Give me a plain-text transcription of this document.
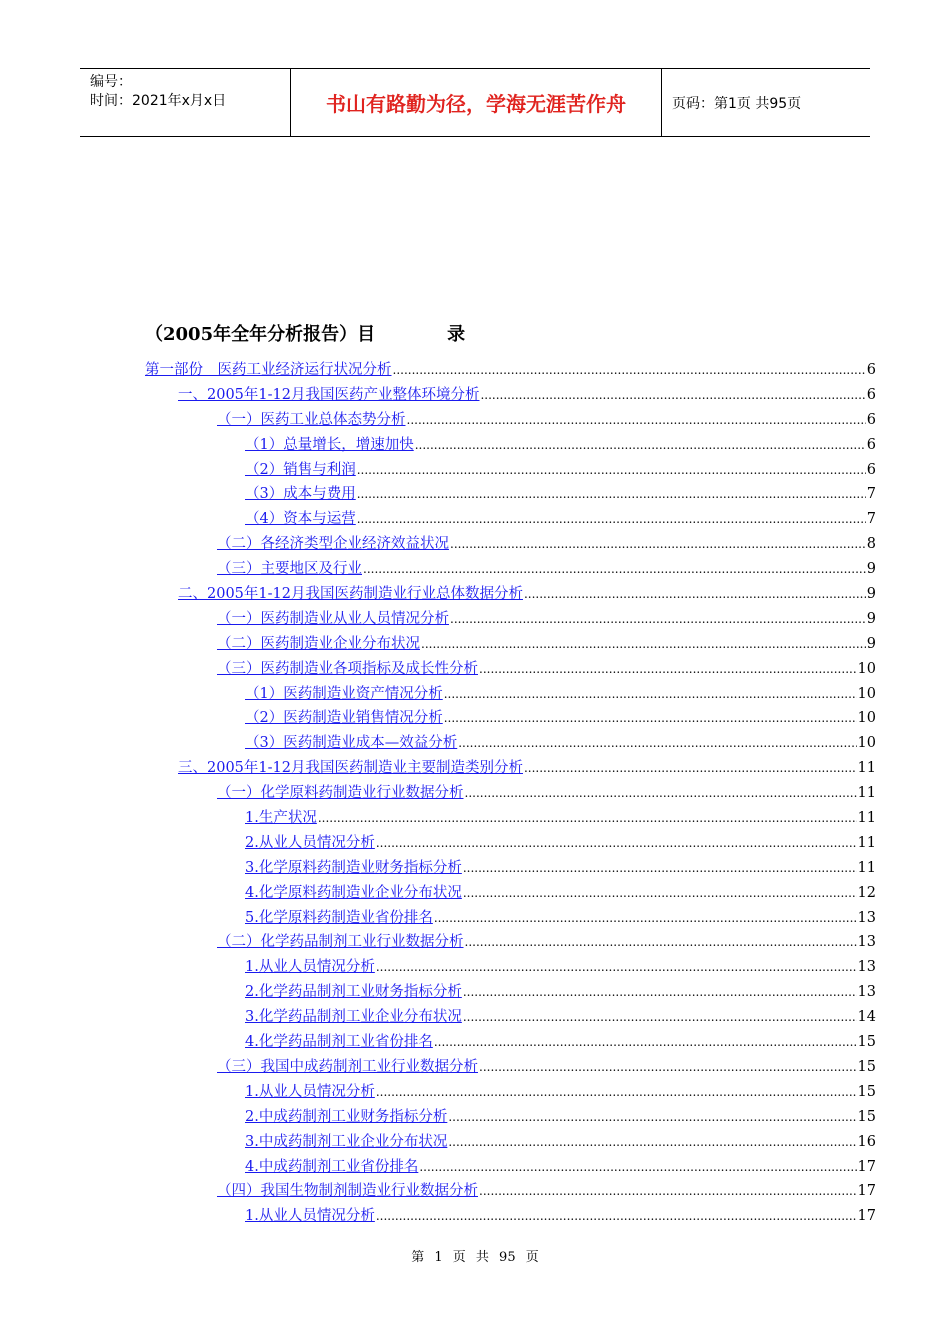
编号：
时间：2021年x月x日	书山有路勤为径，学海无涯苦作舟	页码：第1页 共95页
（2005年全年分析报告）目　　　　录
第一部份　医药工业经济运行状况分析 .....	6
一、2005年1-12月我国医药产业整体环境分析 .....	6
（一）医药工业总体态势分析 .....	6
（1）总量增长，增速加快 .....	6
（2）销售与利润 .....	6
（3）成本与费用 .....	7
（4）资本与运营 .....	7
（二）各经济类型企业经济效益状况 .....	8
（三）主要地区及行业 .....	9
二、2005年1-12月我国医药制造业行业总体数据分析 .....	9
（一）医药制造业从业人员情况分析 .....	9
（二）医药制造业企业分布状况 .....	9
（三）医药制造业各项指标及成长性分析 .....	10
（1）医药制造业资产情况分析 .....	10
（2）医药制造业销售情况分析 .....	10
（3）医药制造业成本—效益分析 .....	10
三、2005年1-12月我国医药制造业主要制造类别分析 .....	11
（一）化学原料药制造业行业数据分析 .....	11
1.生产状况 .....	11
2.从业人员情况分析 .....	11
3.化学原料药制造业财务指标分析 .....	11
4.化学原料药制造业企业分布状况 .....	12
5.化学原料药制造业省份排名 .....	13
（二）化学药品制剂工业行业数据分析 .....	13
1.从业人员情况分析 .....	13
2.化学药品制剂工业财务指标分析 .....	13
3.化学药品制剂工业企业分布状况 .....	14
4.化学药品制剂工业省份排名 .....	15
（三）我国中成药制剂工业行业数据分析 .....	15
1.从业人员情况分析 .....	15
2.中成药制剂工业财务指标分析 .....	15
3.中成药制剂工业企业分布状况 .....	16
4.中成药制剂工业省份排名 .....	17
（四）我国生物制剂制造业行业数据分析 .....	17
1.从业人员情况分析 .....	17
第 1 页 共 95 页
